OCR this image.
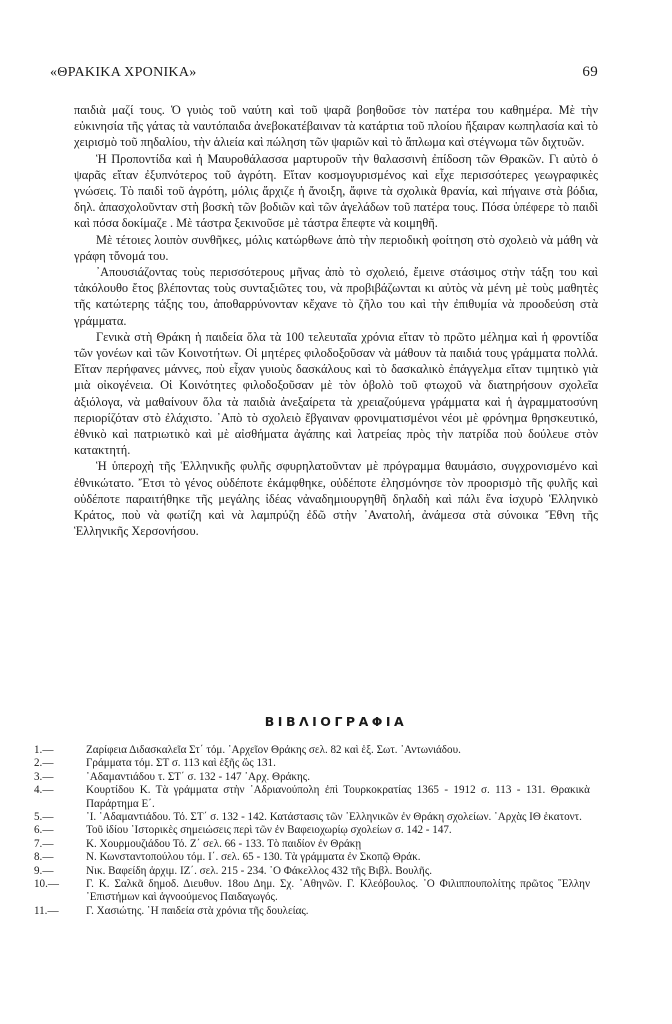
«ΘΡΑΚΙΚΑ ΧΡΟΝΙΚΑ»	69

παιδιὰ μαζί τους. Ὁ γυιὸς τοῦ ναύτη καὶ τοῦ ψαρᾶ βοηθοῦσε τὸν πατέρα του καθημέρα. Μὲ τὴν εὐκινησία τῆς γάτας τὰ ναυτόπαιδα ἀνεβοκατέβαιναν τὰ κατάρτια τοῦ πλοίου ἤξαιραν κωπηλασία καὶ τὸ χειρισμὸ τοῦ πηδαλίου, τὴν ἁλιεία καὶ πώληση τῶν ψαριῶν καὶ τὸ ἅπλωμα καὶ στέγνωμα τῶν διχτυῶν.

Ἡ Προποντίδα καὶ ἡ Μαυροθάλασσα μαρτυροῦν τὴν θαλασσινὴ ἐπίδοση τῶν Θρακῶν. Γι αὐτὸ ὁ ψαρᾶς εἴταν ἐξυπνότερος τοῦ ἀγρότη. Εἴταν κοσμογυρισμένος καὶ εἶχε περισσότερες γεωγραφικὲς γνώσεις. Τὸ παιδὶ τοῦ ἀγρότη, μόλις ἄρχιζε ἡ ἄνοιξη, ἄφινε τὰ σχολικὰ θρανία, καὶ πήγαινε στὰ βόδια, δηλ. ἀπασχολοῦνταν στὴ βοσκὴ τῶν βοδιῶν καὶ τῶν ἀγελάδων τοῦ πατέρα τους. Πόσα ὑπέφερε τὸ παιδὶ καὶ πόσα δοκίμαζε . Μὲ τάστρα ξεκινοῦσε μὲ τάστρα ἔπεφτε νὰ κοιμηθῆ.

Μὲ τέτοιες λοιπὸν συνθῆκες, μόλις κατώρθωνε ἀπὸ τὴν περιοδικὴ φοίτηση στὸ σχολειὸ νὰ μάθη νὰ γράφη τὄνομά του.

᾿Απουσιάζοντας τοὺς περισσότερους μῆνας ἀπὸ τὸ σχολειό, ἔμεινε στάσιμος στὴν τάξη του καὶ τἀκόλουθο ἔτος βλέποντας τοὺς συνταξιῶτες του, νὰ προβιβάζωνται κι αὐτὸς νὰ μένη μὲ τοὺς μαθητὲς τῆς κατώτερης τάξης του, ἀποθαρρύνονταν κἔχανε τὸ ζῆλο του καὶ τὴν ἐπιθυμία νὰ προοδεύση στὰ γράμματα.

Γενικὰ στὴ Θράκη ἡ παιδεία ὅλα τὰ 100 τελευταῖα χρόνια εἴταν τὸ πρῶτο μέλημα καὶ ἡ φροντίδα τῶν γονέων καὶ τῶν Κοινοτήτων. Οἱ μητέρες φιλοδοξοῦσαν νὰ μάθουν τὰ παιδιά τους γράμματα πολλά. Εἴταν περήφανες μάννες, ποὺ εἶχαν γυιοὺς δασκάλους καὶ τὸ δασκαλικὸ ἐπάγγελμα εἴταν τιμητικὸ γιὰ μιὰ οἰκογένεια. Οἱ Κοινότητες φιλοδοξοῦσαν μὲ τὸν ὀβολὸ τοῦ φτωχοῦ νὰ διατηρήσουν σχολεῖα ἀξιόλογα, νὰ μαθαίνουν ὅλα τὰ παιδιὰ ἀνεξαίρετα τὰ χρειαζούμενα γράμματα καὶ ἡ ἀγραμματοσύνη περιορίζόταν στὸ ἐλάχιστο. ᾿Απὸ τὸ σχολειὸ ἔβγαιναν φρονιματισμένοι νέοι μὲ φρόνημα θρησκευτικό, ἐθνικὸ καὶ πατριωτικὸ καὶ μὲ αἰσθήματα ἀγάπης καὶ λατρείας πρὸς τὴν πατρίδα ποὺ δούλευε στὸν κατακτητή.

Ἡ ὑπεροχὴ τῆς Ἑλληνικῆς φυλῆς σφυρηλατοῦνταν μὲ πρόγραμμα θαυμάσιο, συγχρονισμένο καὶ ἐθνικώτατο. Ἔτσι τὸ γένος οὐδέποτε ἐκάμφθηκε, οὐδέποτε ἐλησμόνησε τὸν προορισμὸ τῆς φυλῆς καὶ οὐδέποτε παραιτήθηκε τῆς μεγάλης ἰδέας νἀναδημιουργηθῆ δηλαδὴ καὶ πάλι ἕνα ἰσχυρὸ Ἑλληνικὸ Κράτος, ποὺ νὰ φωτίζη καὶ νὰ λαμπρύζη ἐδῶ στὴν ᾿Ανατολή, ἀνάμεσα στὰ σύνοικα Ἔθνη τῆς Ἑλληνικῆς Χερσονήσου.

ΒΙΒΛΙΟΓΡΑΦΙΑ
1.—	Ζαρίφεια Διδασκαλεῖα Στ΄ τόμ. ᾿Αρχεῖον Θράκης σελ. 82 καὶ ἑξ. Σωτ. ᾿Αντωνιάδου.
2.—	Γράμματα τόμ. ΣΤ σ. 113 καὶ ἑξῆς ὥς 131.
3.—	᾿Αδαμαντιάδου τ. ΣΤ΄ σ. 132 - 147 ᾿Αρχ. Θράκης.
4.—	Κουρτίδου Κ. Τὰ γράμματα στὴν ᾿Αδριανούπολη ἐπὶ Τουρκοκρατίας 1365 - 1912 σ. 113 - 131. Θρακικὰ Παράρτημα Ε΄.
5.—	᾿Ι. ᾿Αδαμαντιάδου. Τό. ΣΤ΄ σ. 132 - 142. Κατάστασις τῶν ῾Ελληνικῶν ἐν Θράκη σχολείων. ᾿Αρχὰς ΙΘ ἑκατοντ.
6.—	Τοῦ ἰδίου ᾿Ιστορικὲς σημειώσεις περὶ τῶν ἐν Βαφειοχωρίῳ σχολείων σ. 142 - 147.
7.—	Κ. Χουρμουζιάδου Τό. Ζ΄ σελ. 66 - 133. Τὸ παιδίον ἐν Θράκῃ
8.—	Ν. Κωνσταντοπούλου τόμ. Ι΄. σελ. 65 - 130. Τὰ γράμματα ἐν Σκοπῷ Θράκ.
9.—	Νικ. Βαφείδη ἀρχιμ. ΙΖ΄. σελ. 215 - 234. ᾿Ο Φάκελλος 432 τῆς Βιβλ. Βουλῆς.
10.—	Γ. Κ. Σαλκᾶ δημοδ. Διευθυν. 18ου Δημ. Σχ. ᾿Αθηνῶν. Γ. Κλεόβουλος. ᾿Ο Φιλιππουπολίτης πρῶτος ῞Ελλην ᾿Επιστήμων καὶ ἀγνοούμενος Παιδαγωγός.
11.—	Γ. Χασιώτης. ῾Η παιδεία στὰ χρόνια τῆς δουλείας.
